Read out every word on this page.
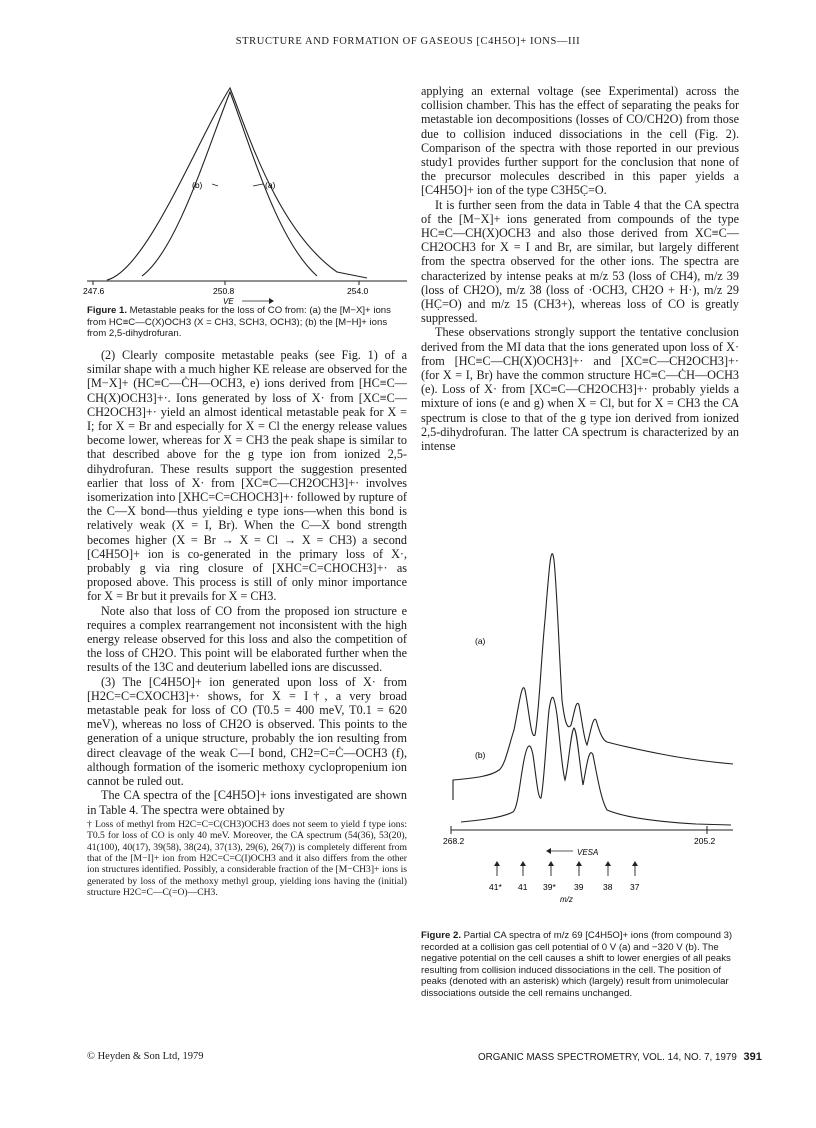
STRUCTURE AND FORMATION OF GASEOUS [C4H5O]+ IONS—III
(b)	(a)
247.6	250.8	254.0
VE
Figure 1. Metastable peaks for the loss of CO from: (a) the [M−X]+ ions from HC≡C—C(X)OCH3 (X = CH3, SCH3, OCH3); (b) the [M−H]+ ions from 2,5-dihydrofuran.

(2) Clearly composite metastable peaks (see Fig. 1) of a similar shape with a much higher KE release are observed for the [M−X]+ (HC≡C—ĊH—OCH3, e) ions derived from [HC≡C—CH(X)OCH3]+·. Ions generated by loss of X· from [XC≡C—CH2OCH3]+· yield an almost identical metastable peak for X = I; for X = Br and especially for X = Cl the energy release values become lower, whereas for X = CH3 the peak shape is similar to that described above for the g type ion from ionized 2,5-dihydrofuran. These results support the suggestion presented earlier that loss of X· from [XC≡C—CH2OCH3]+· involves isomerization into [XHC=C=CHOCH3]+· followed by rupture of the C—X bond—thus yielding e type ions—when this bond is relatively weak (X = I, Br). When the C—X bond strength becomes higher (X = Br → X = Cl → X = CH3) a second [C4H5O]+ ion is co-generated in the primary loss of X·, probably g via ring closure of [XHC=C=CHOCH3]+· as proposed above. This process is still of only minor importance for X = Br but it prevails for X = CH3.

Note also that loss of CO from the proposed ion structure e requires a complex rearrangement not inconsistent with the high energy release observed for this loss and also the competition of the loss of CH2O. This point will be elaborated further when the results of the 13C and deuterium labelled ions are discussed.

(3) The [C4H5O]+ ion generated upon loss of X· from [H2C=C=CXOCH3]+· shows, for X = I†, a very broad metastable peak for loss of CO (T0.5 = 400 meV, T0.1 = 620 meV), whereas no loss of CH2O is observed. This points to the generation of a unique structure, probably the ion resulting from direct cleavage of the weak C—I bond, CH2=C=Ċ—OCH3 (f), although formation of the isomeric methoxy cyclopropenium ion cannot be ruled out.

The CA spectra of the [C4H5O]+ ions investigated are shown in Table 4. The spectra were obtained by

† Loss of methyl from H2C=C=C(CH3)OCH3 does not seem to yield f type ions: T0.5 for loss of CO is only 40 meV. Moreover, the CA spectrum (54(36), 53(20), 41(100), 40(17), 39(58), 38(24), 37(13), 29(6), 26(7)) is completely different from that of the [M−I]+ ion from H2C=C=C(I)OCH3 and it also differs from the other ion structures identified. Possibly, a considerable fraction of the [M−CH3]+ ions is generated by loss of the methoxy methyl group, yielding ions having the (initial) structure H2C=C—C(=O)—CH3.

applying an external voltage (see Experimental) across the collision chamber. This has the effect of separating the peaks for metastable ion decompositions (losses of CO/CH2O) from those due to collision induced dissociations in the cell (Fig. 2). Comparison of the spectra with those reported in our previous study1 provides further support for the conclusion that none of the precursor molecules described in this paper yields a [C4H5O]+ ion of the type C3H5C̣=O.

It is further seen from the data in Table 4 that the CA spectra of the [M−X]+ ions generated from compounds of the type HC≡C—CH(X)OCH3 and also those derived from XC≡C—CH2OCH3 for X = I and Br, are similar, but largely different from the spectra observed for the other ions. The spectra are characterized by intense peaks at m/z 53 (loss of CH4), m/z 39 (loss of CH2O), m/z 38 (loss of ·OCH3, CH2O + H·), m/z 29 (HC̣=O) and m/z 15 (CH3+), whereas loss of CO is greatly suppressed.

These observations strongly support the tentative conclusion derived from the MI data that the ions generated upon loss of X· from [HC≡C—CH(X)OCH3]+· and [XC≡C—CH2OCH3]+· (for X = I, Br) have the common structure HC≡C—ĊH—OCH3 (e). Loss of X· from [XC≡C—CH2OCH3]+· probably yields a mixture of ions (e and g) when X = Cl, but for X = CH3 the CA spectrum is close to that of the g type ion derived from ionized 2,5-dihydrofuran. The latter CA spectrum is characterized by an intense

(a)
(b)
268.2	205.2
VESA
41* 41 39* 39 38 37
m/z
Figure 2. Partial CA spectra of m/z 69 [C4H5O]+ ions (from compound 3) recorded at a collision gas cell potential of 0 V (a) and −320 V (b). The negative potential on the cell causes a shift to lower energies of all peaks resulting from collision induced dissociations in the cell. The position of peaks (denoted with an asterisk) which (largely) result from unimolecular dissociations outside the cell remains unchanged.
© Heyden & Son Ltd, 1979	ORGANIC MASS SPECTROMETRY, VOL. 14, NO. 7, 1979 391
